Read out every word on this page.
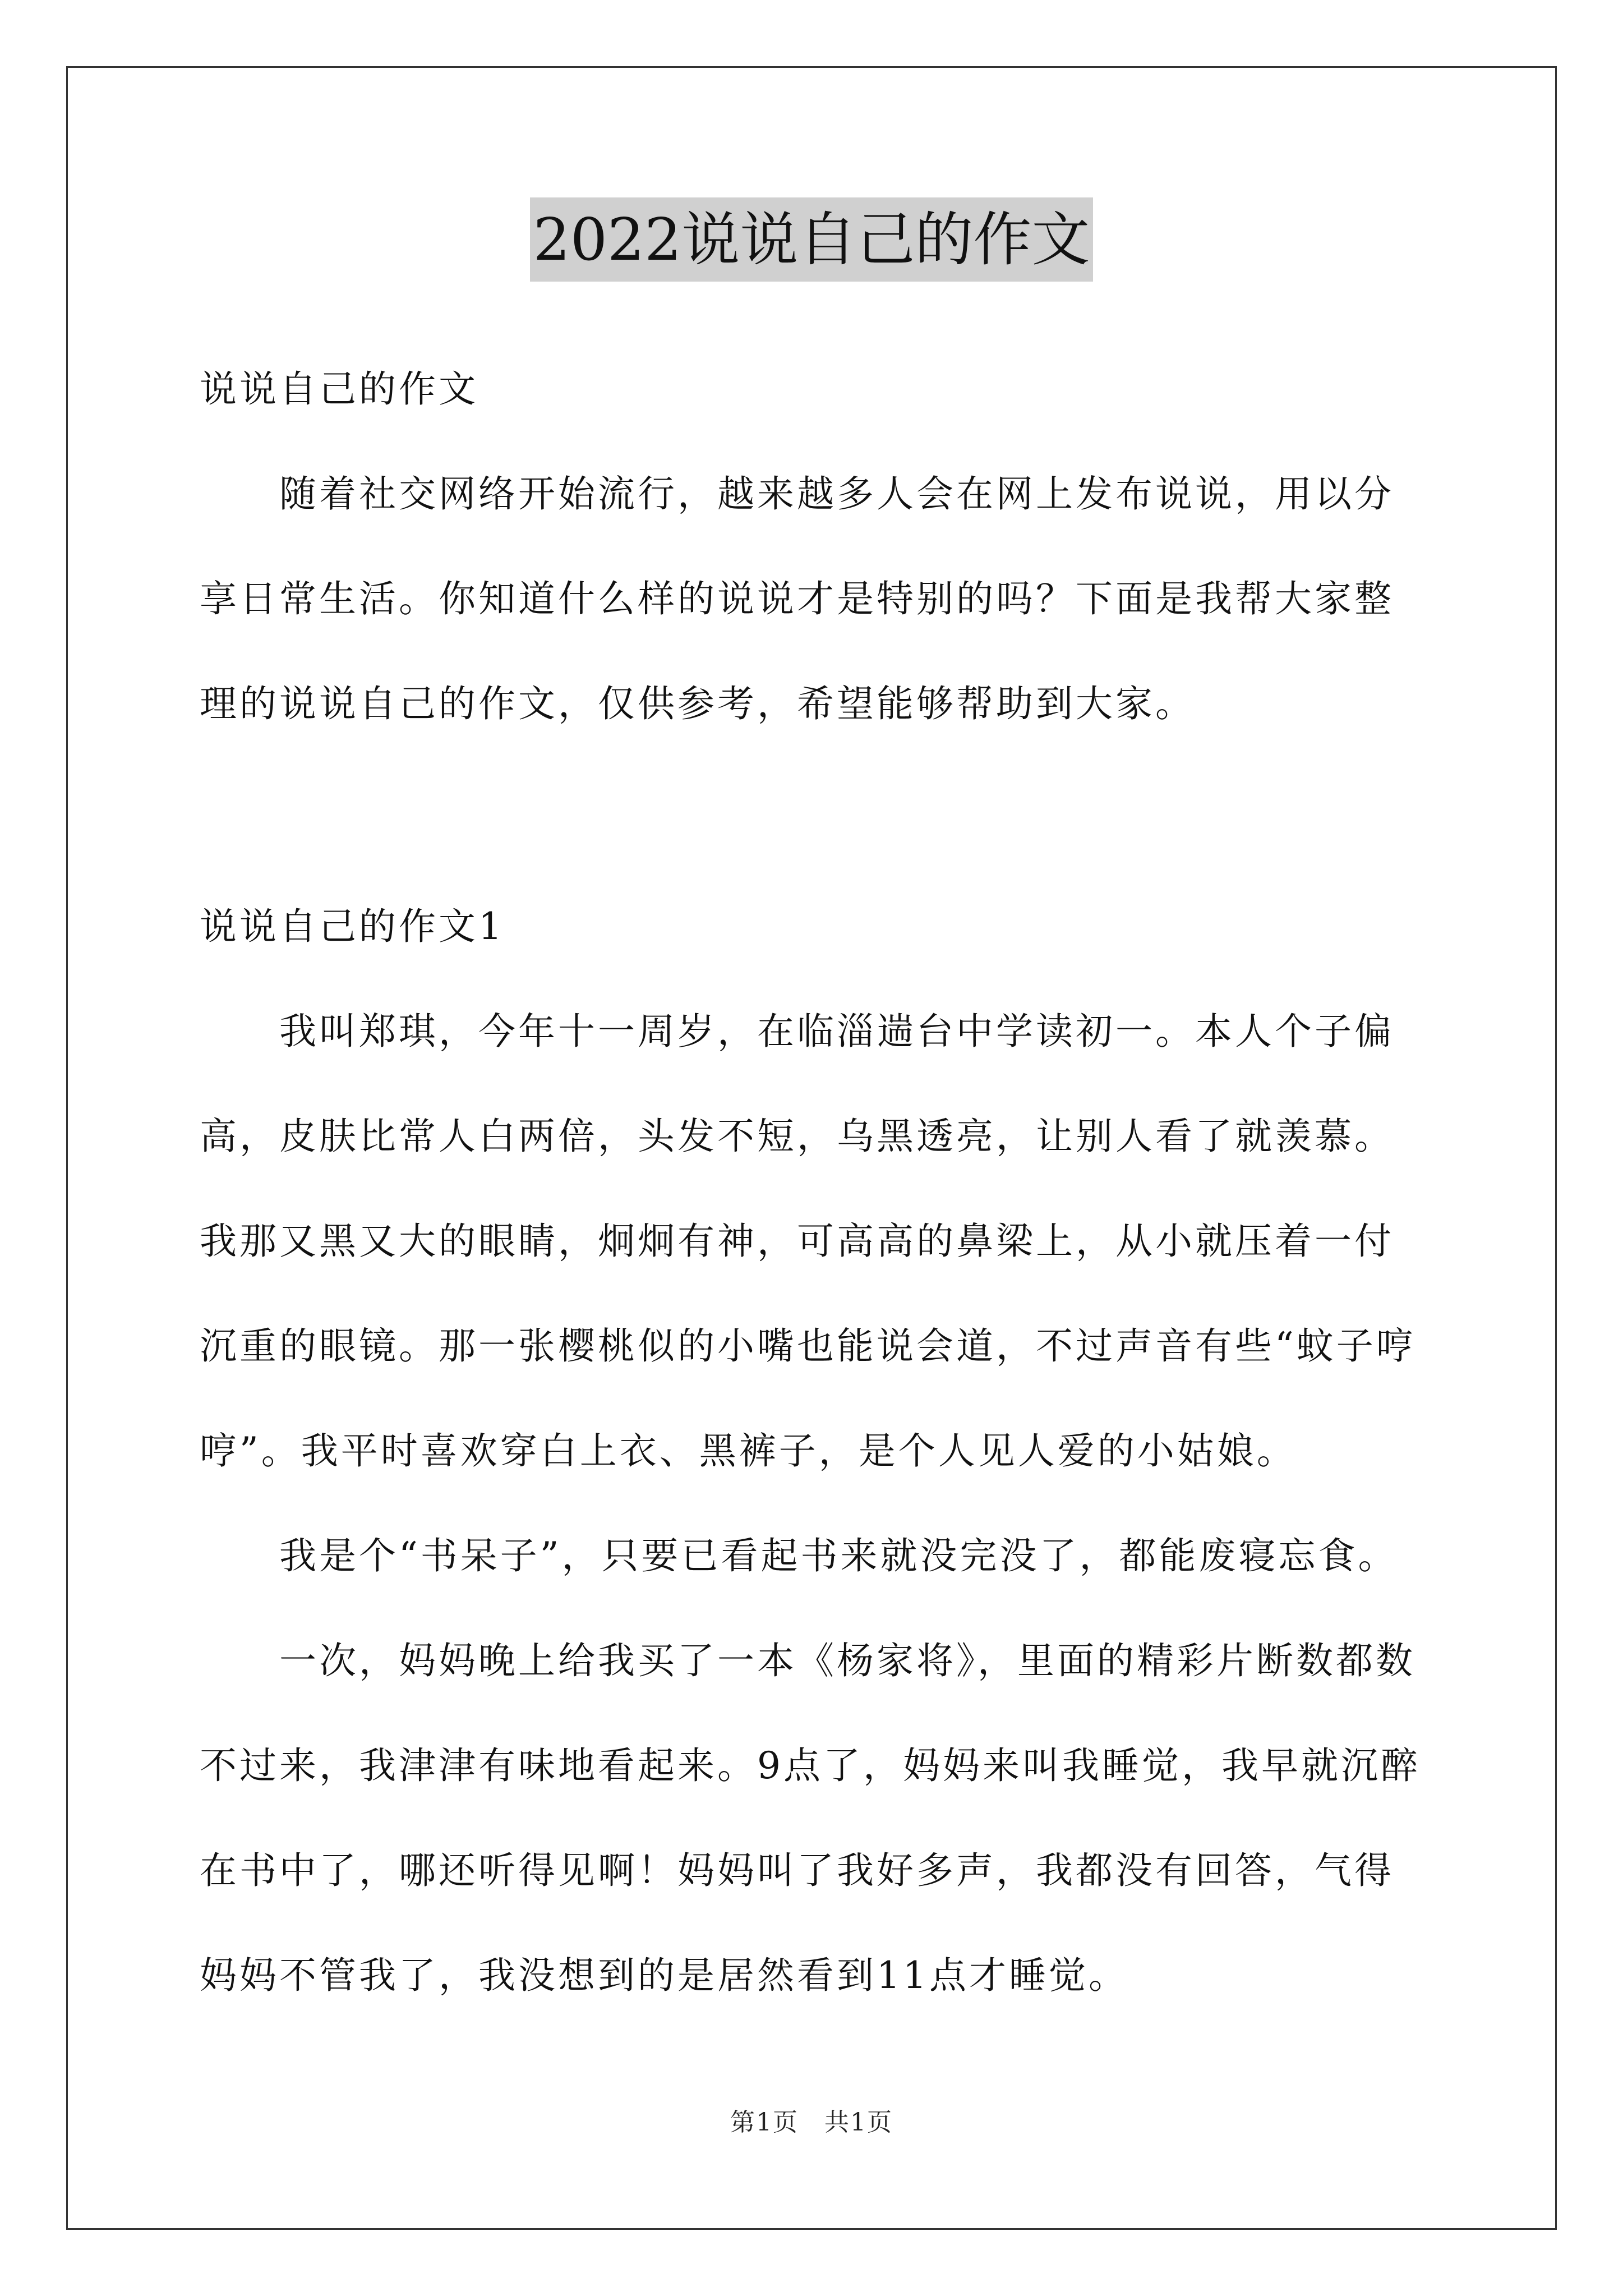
2022说说自己的作文

说说自己的作文

　　随着社交网络开始流行，越来越多人会在网上发布说说，用以分享日常生活。你知道什么样的说说才是特别的吗？下面是我帮大家整理的说说自己的作文，仅供参考，希望能够帮助到大家。

说说自己的作文1

　　我叫郑琪，今年十一周岁，在临淄遄台中学读初一。本人个子偏高，皮肤比常人白两倍，头发不短，乌黑透亮，让别人看了就羡慕。我那又黑又大的眼睛，炯炯有神，可高高的鼻梁上，从小就压着一付沉重的眼镜。那一张樱桃似的小嘴也能说会道，不过声音有些“蚊子哼哼”。我平时喜欢穿白上衣、黑裤子，是个人见人爱的小姑娘。

　　我是个“书呆子”，只要已看起书来就没完没了，都能废寝忘食。

　　一次，妈妈晚上给我买了一本《杨家将》，里面的精彩片断数都数不过来，我津津有味地看起来。9点了，妈妈来叫我睡觉，我早就沉醉在书中了，哪还听得见啊！妈妈叫了我好多声，我都没有回答，气得妈妈不管我了，我没想到的是居然看到11点才睡觉。

第1页　共1页
